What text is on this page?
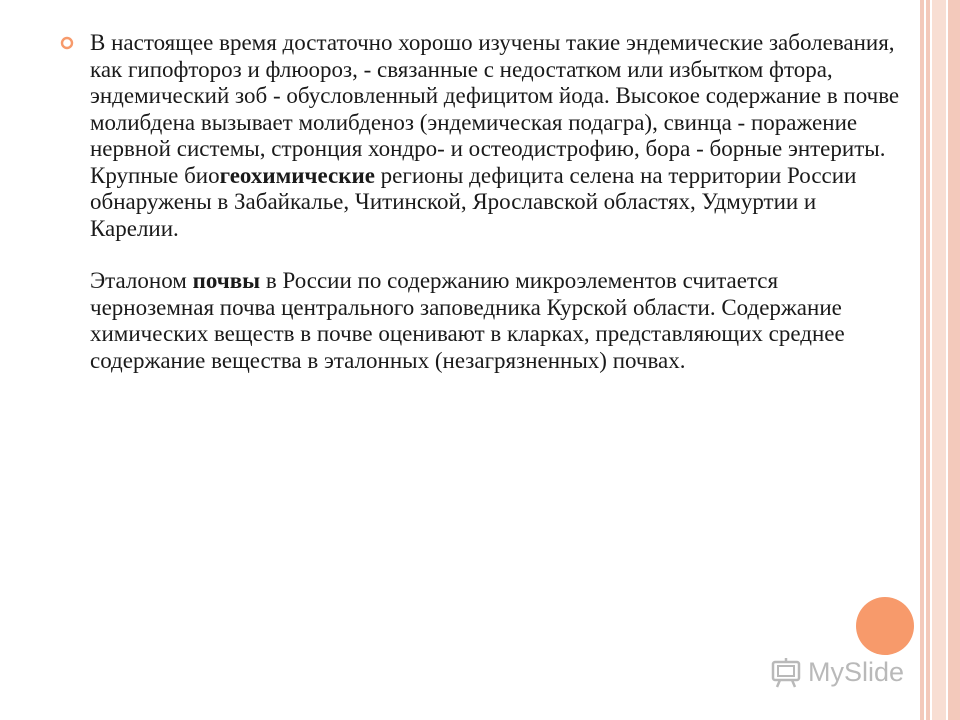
В настоящее время достаточно хорошо изучены такие эндемические заболевания, как гипофтороз и флюороз, - связанные с недостатком или избытком фтора, эндемический зоб - обусловленный дефицитом йода. Высокое содержание в почве молибдена вызывает молибденоз (эндемическая подагра), свинца - поражение нервной системы, стронция хондро- и остеодистрофию, бора - борные энтериты. Крупные биогеохимические регионы дефицита селена на территории России обнаружены в Забайкалье, Читинской, Ярославской областях, Удмуртии и Карелии.

Эталоном почвы в России по содержанию микроэлементов считается черноземная почва центрального заповедника Курской области. Содержание химических веществ в почве оценивают в кларках, представляющих среднее содержание вещества в эталонных (незагрязненных) почвах.

MySlide
